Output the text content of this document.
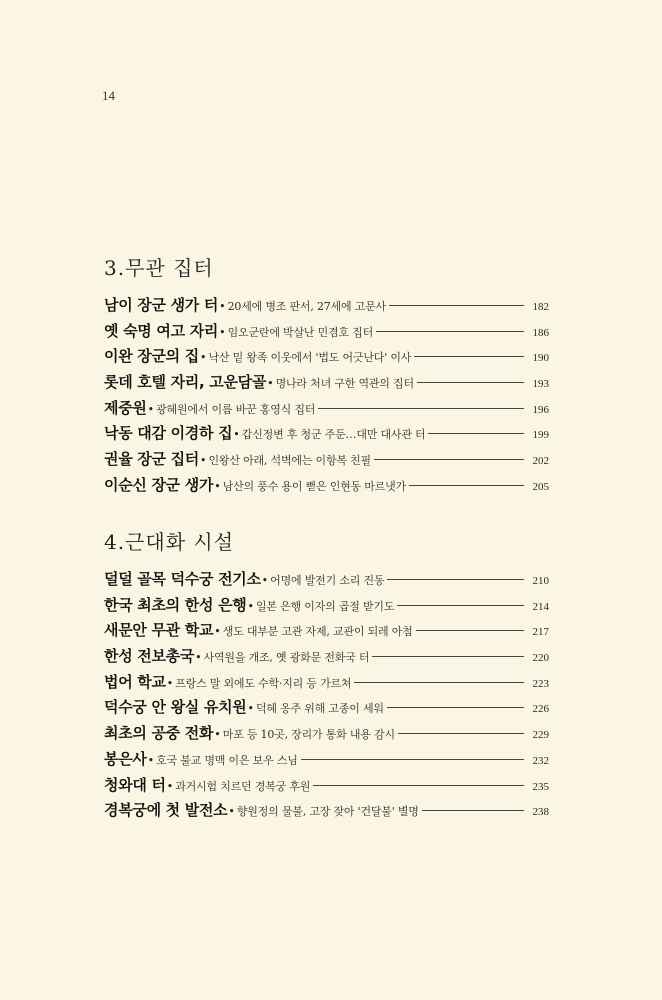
14
3.무관 집터
남이 장군 생가 터 • 20세에 병조 판서, 27세에 고문사	182
옛 숙명 여고 자리 • 임오군란에 박살난 민겸호 집터	186
이완 장군의 집 • 낙산 밑 왕족 이웃에서 '법도 어긋난다' 이사	190
롯데 호텔 자리, 고운담골 • 명나라 처녀 구한 역관의 집터	193
제중원 • 광혜원에서 이름 바꾼 홍영식 집터	196
낙동 대감 이경하 집 • 갑신정변 후 청군 주둔…대만 대사관 터	199
권율 장군 집터 • 인왕산 아래, 석벽에는 이항복 친필	202
이순신 장군 생가 • 남산의 풍수 용이 뻗은 인현동 마르냇가	205
4.근대화 시설
덜덜 골목 덕수궁 전기소 • 어명에 발전기 소리 진동	210
한국 최초의 한성 은행 • 일본 은행 이자의 곱절 받기도	214
새문안 무관 학교 • 생도 대부분 고관 자제, 교관이 되레 아첨	217
한성 전보총국 • 사역원을 개조, 옛 광화문 전화국 터	220
법어 학교 • 프랑스 말 외에도 수학·지리 등 가르쳐	223
덕수궁 안 왕실 유치원 • 덕혜 옹주 위해 고종이 세워	226
최초의 공중 전화 • 마포 등 10곳, 장리가 통화 내용 감시	229
봉은사 • 호국 불교 명맥 이은 보우 스님	232
청와대 터 • 과거시험 치르던 경복궁 후원	235
경복궁에 첫 발전소 • 향원정의 물불, 고장 잦아 '건달불' 별명	238
